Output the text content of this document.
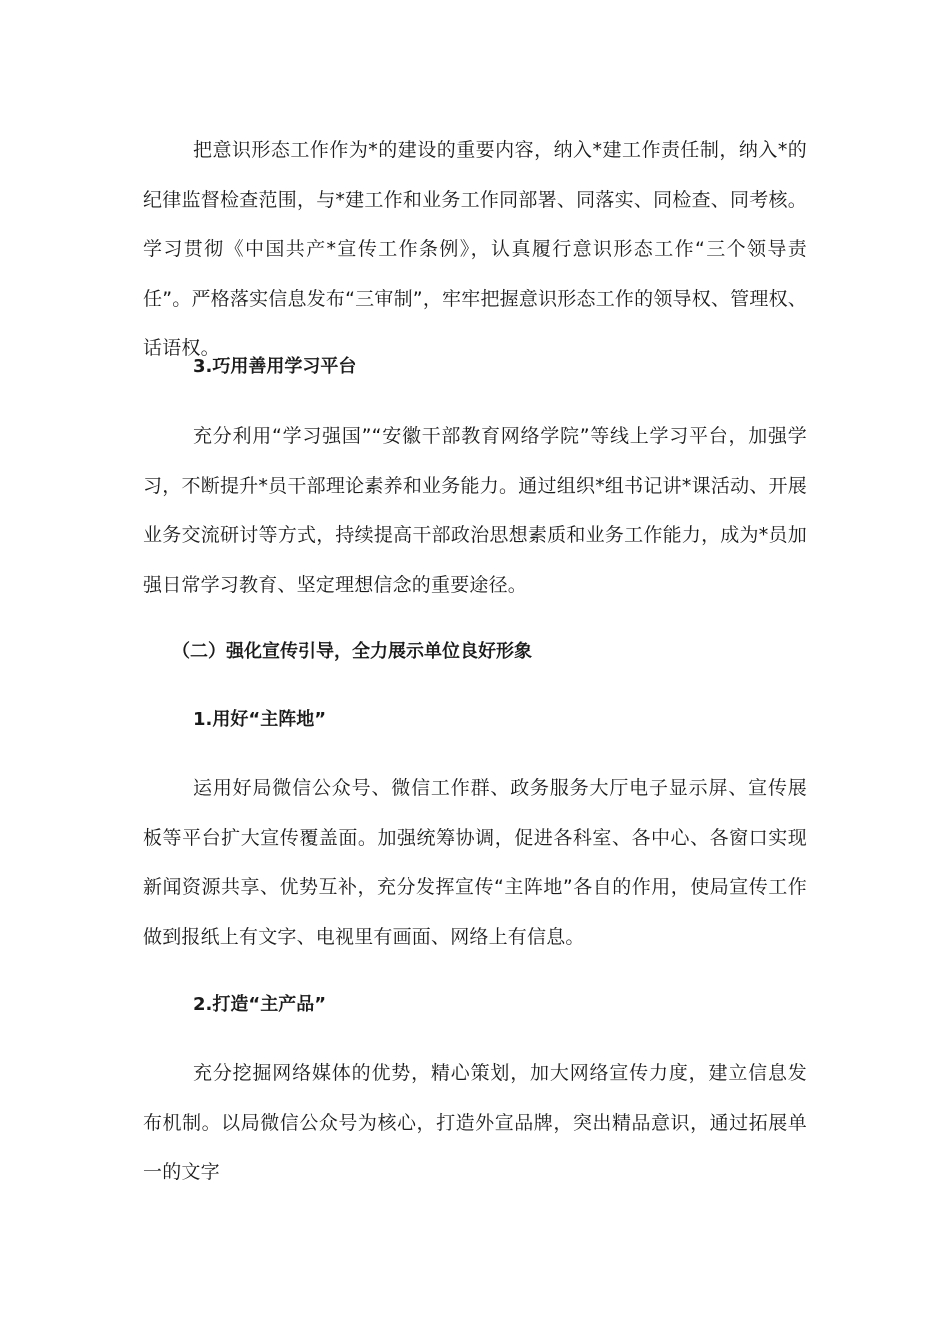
把意识形态工作作为*的建设的重要内容，纳入*建工作责任制，纳入*的纪律监督检查范围，与*建工作和业务工作同部署、同落实、同检查、同考核。学习贯彻《中国共产*宣传工作条例》，认真履行意识形态工作“三个领导责任”。严格落实信息发布“三审制”，牢牢把握意识形态工作的领导权、管理权、话语权。

3.巧用善用学习平台

充分利用“学习强国”“安徽干部教育网络学院”等线上学习平台，加强学习，不断提升*员干部理论素养和业务能力。通过组织*组书记讲*课活动、开展业务交流研讨等方式，持续提高干部政治思想素质和业务工作能力，成为*员加强日常学习教育、坚定理想信念的重要途径。

（二）强化宣传引导，全力展示单位良好形象
1.用好“主阵地”

运用好局微信公众号、微信工作群、政务服务大厅电子显示屏、宣传展板等平台扩大宣传覆盖面。加强统筹协调，促进各科室、各中心、各窗口实现新闻资源共享、优势互补，充分发挥宣传“主阵地”各自的作用，使局宣传工作做到报纸上有文字、电视里有画面、网络上有信息。

2.打造“主产品”

充分挖掘网络媒体的优势，精心策划，加大网络宣传力度，建立信息发布机制。以局微信公众号为核心，打造外宣品牌，突出精品意识，通过拓展单一的文字
